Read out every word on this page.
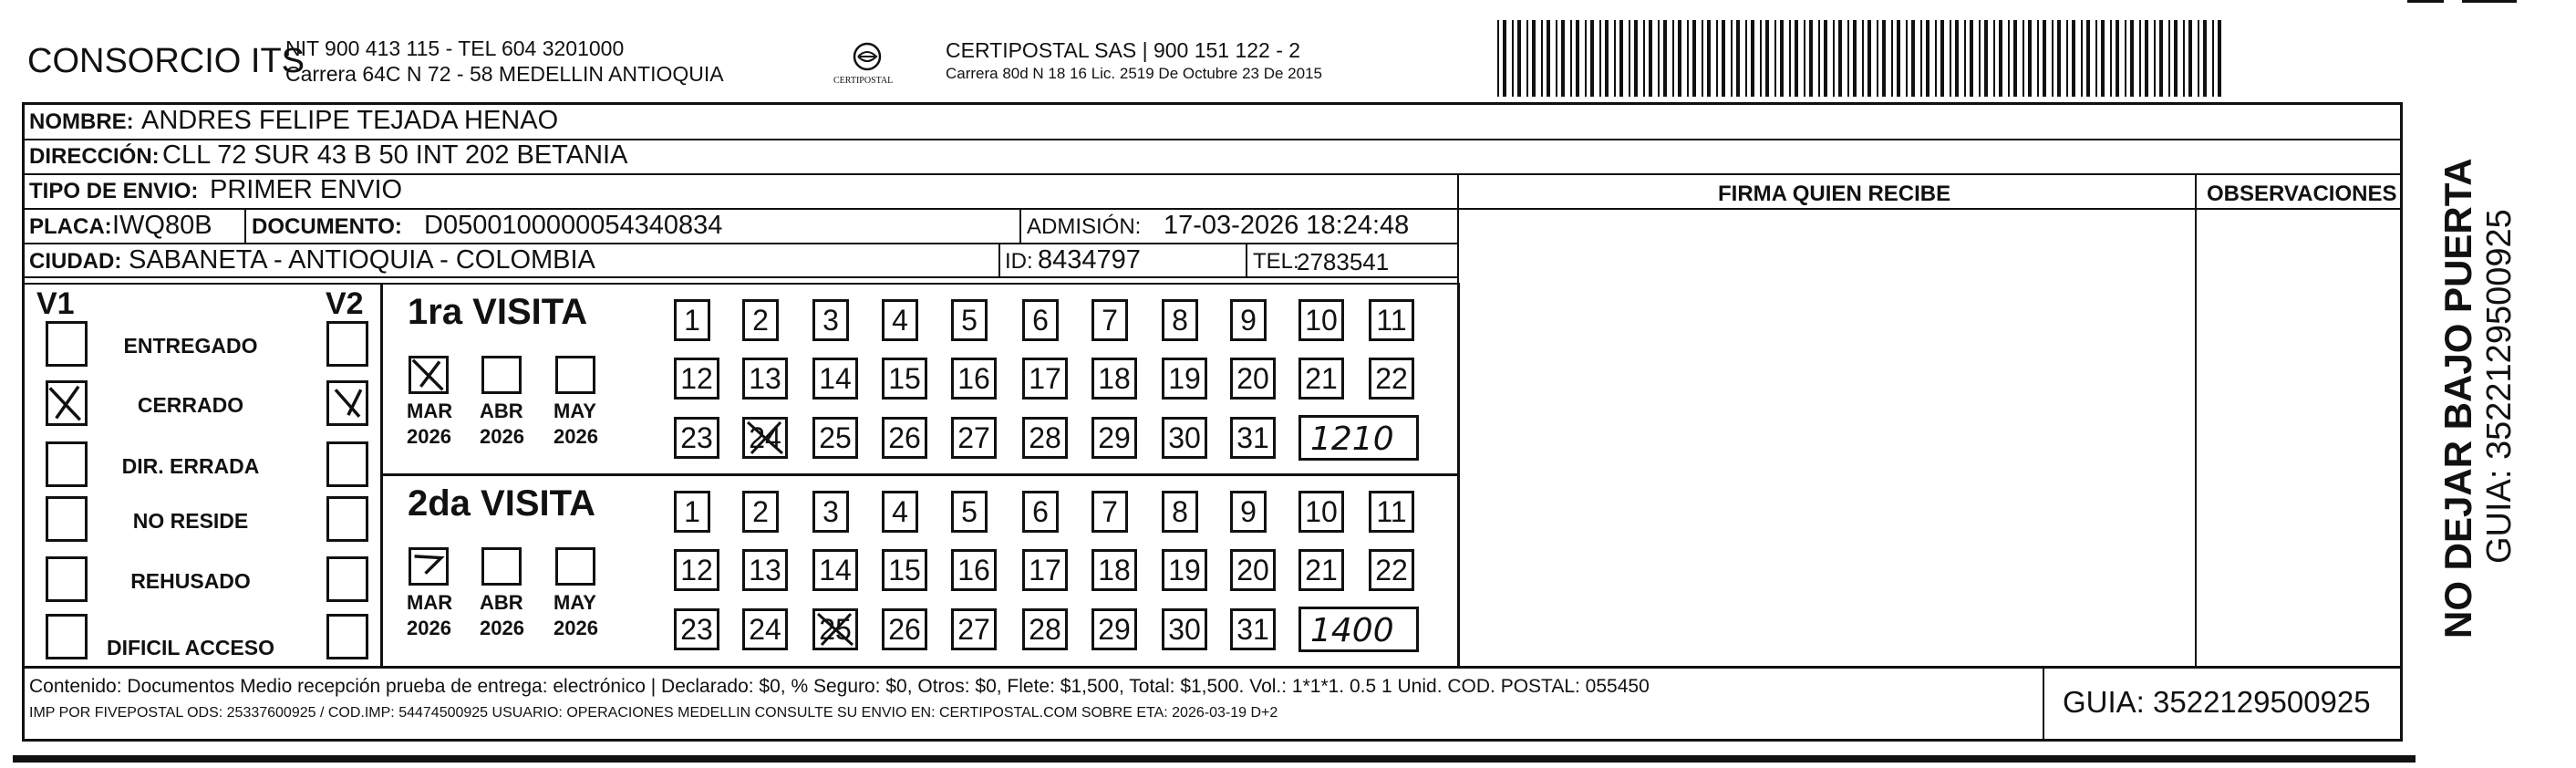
CONSORCIO ITS
NIT 900 413 115 - TEL 604 3201000
Carrera 64C N 72 - 58 MEDELLIN ANTIOQUIA	CERTIPOSTAL
CERTIPOSTAL SAS | 900 151 122 - 2
Carrera 80d N 18 16 Lic. 2519 De Octubre 23 De 2015
NOMBRE: ANDRES FELIPE TEJADA HENAO
DIRECCIÓN: CLL 72 SUR 43 B 50 INT 202 BETANIA
TIPO DE ENVIO: PRIMER ENVIO	FIRMA QUIEN RECIBE	OBSERVACIONES
PLACA: IWQ80B DOCUMENTO: D0500100000054340834	ADMISIÓN: 17-03-2026 18:24:48
CIUDAD: SABANETA - ANTIOQUIA - COLOMBIA	ID: 8434797	TEL:
2783541
V1	V2
ENTREGADO
CERRADO
DIR. ERRADA
NO RESIDE
REHUSADO
DIFICIL ACCESO
1ra VISITA
MAR
2026
ABR
2026
MAY
2026
1	2	3	4	5	6	7	8	9	10 11
12 13 14 15 16 17 18 19 20 21 22
23 24 25 26 27 28 29 30 31 1210
2da VISITA
MAR
2026
ABR
2026
MAY
2026
1	2	3	4	5	6	7	8	9	10 11
12 13 14 15 16 17 18 19 20 21 22
23 24 25 26 27 28 29 30 31 1400
Contenido: Documentos Medio recepción prueba de entrega: electrónico | Declarado: $0, % Seguro: $0, Otros: $0, Flete: $1,500, Total: $1,500. Vol.: 1*1*1. 0.5 1 Unid. COD. POSTAL: 055450
IMP POR FIVEPOSTAL ODS: 25337600925 / COD.IMP: 54474500925 USUARIO: OPERACIONES MEDELLIN CONSULTE SU ENVIO EN: CERTIPOSTAL.COM SOBRE ETA: 2026-03-19 D+2	GUIA: 3522129500925
NO DEJAR BAJO PUERTA GUIA: 3522129500925
